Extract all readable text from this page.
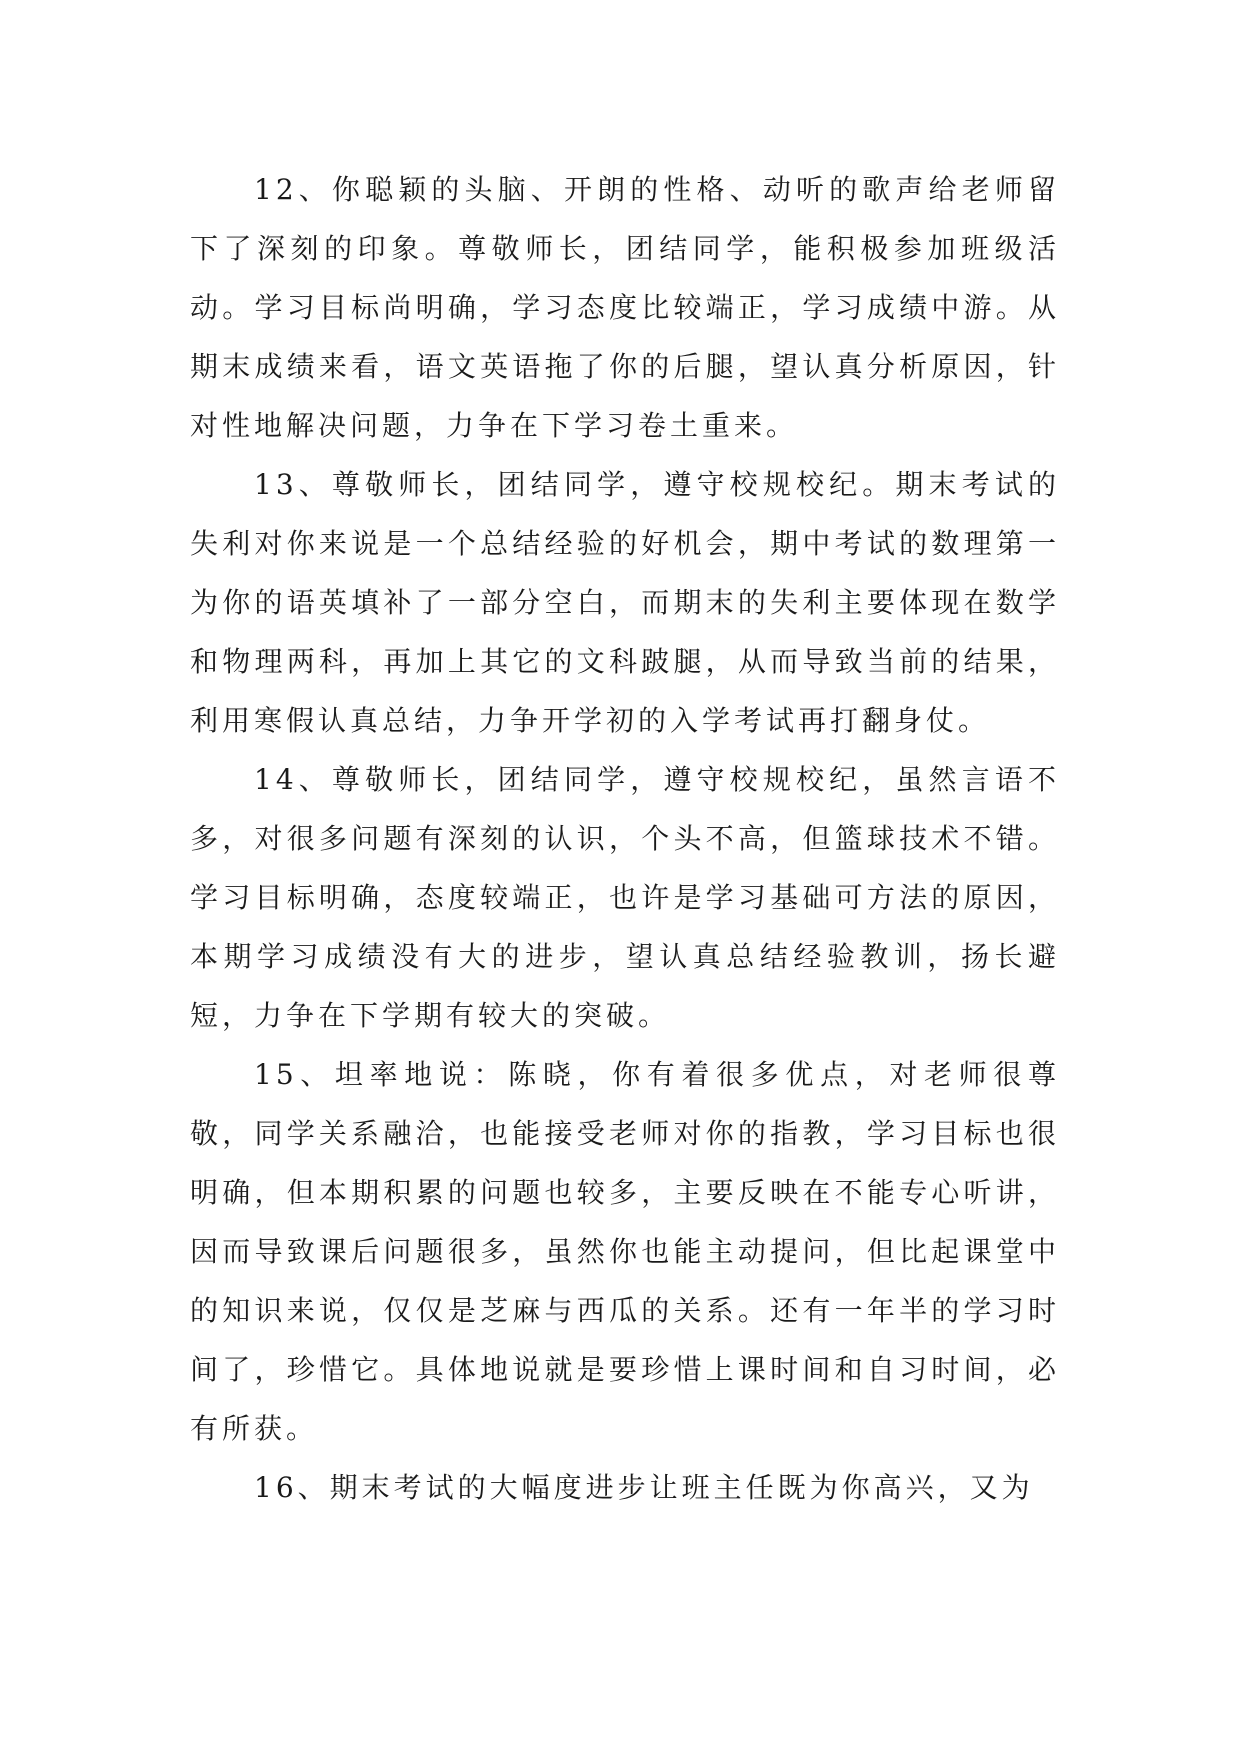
12、你聪颖的头脑、开朗的性格、动听的歌声给老师留下了深刻的印象。尊敬师长，团结同学，能积极参加班级活动。学习目标尚明确，学习态度比较端正，学习成绩中游。从期末成绩来看，语文英语拖了你的后腿，望认真分析原因，针对性地解决问题，力争在下学习卷土重来。

13、尊敬师长，团结同学，遵守校规校纪。期末考试的失利对你来说是一个总结经验的好机会，期中考试的数理第一为你的语英填补了一部分空白，而期末的失利主要体现在数学和物理两科，再加上其它的文科跛腿，从而导致当前的结果，利用寒假认真总结，力争开学初的入学考试再打翻身仗。

14、尊敬师长，团结同学，遵守校规校纪，虽然言语不多，对很多问题有深刻的认识，个头不高，但篮球技术不错。学习目标明确，态度较端正，也许是学习基础可方法的原因，本期学习成绩没有大的进步，望认真总结经验教训，扬长避短，力争在下学期有较大的突破。

15、坦率地说：陈晓，你有着很多优点，对老师很尊敬，同学关系融洽，也能接受老师对你的指教，学习目标也很明确，但本期积累的问题也较多，主要反映在不能专心听讲，因而导致课后问题很多，虽然你也能主动提问，但比起课堂中的知识来说，仅仅是芝麻与西瓜的关系。还有一年半的学习时间了，珍惜它。具体地说就是要珍惜上课时间和自习时间，必有所获。

16、期末考试的大幅度进步让班主任既为你高兴，又为
